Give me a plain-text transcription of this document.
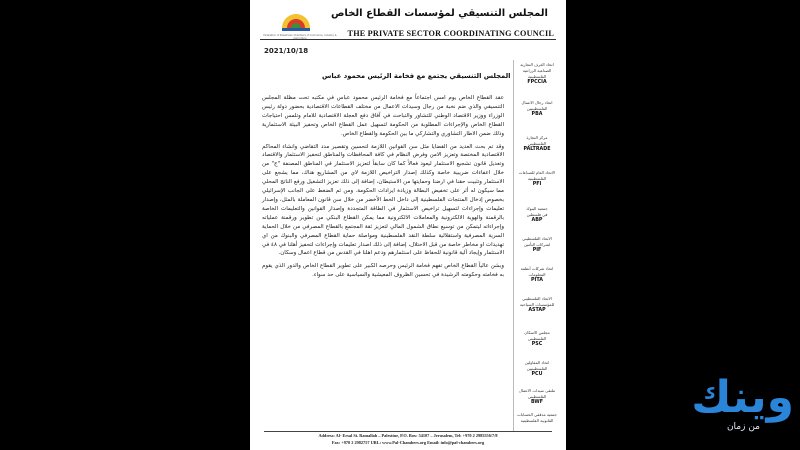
Federation of Palestinian Chambers of Commerce, Industry & Agriculture
المجلس التنسيقي لمؤسسات القطاع الخاص
THE PRIVATE SECTOR COORDINATING COUNCIL
2021/10/18
المجلس التنسيقي يجتمع مع فخامة الرئيس محمود عباس

عقد القطاع الخاص يوم امس اجتماعاً مع فخامة الرئيس محمود عباس في مكتبه تحت مظلة المجلس التنسيقي والذي ضم نخبة من رجال وسيدات الاعمال من مختلف القطاعات الاقتصادية بحضور دولة رئيس الوزراء ووزير الاقتصاد الوطني للتشاور والتباحث في آفاق دفع العجلة الاقتصادية للامام وتلمس احتياجات القطاع الخاص والإجراءات المطلوبة من الحكومة لتسهيل عمل القطاع الخاص وتحفيز البيئة الاستثمارية وذلك ضمن الاطار التشاوري والتشاركي ما بين الحكومة والقطاع الخاص.

وقد تم بحث العديد من القضايا مثل سن القوانين اللازمة لتحسين وتقصير مدد التقاضي وانشاء المحاكم الاقتصادية المختصة وتعزيز الامن وفرض النظام في كافة المحافظات والمناطق لتحفيز الاستثمار والاقتصاد وتعديل قانون تشجيع الاستثمار ليعود فعالاً كما كان سابقاً لتعزيز الاستثمار في المناطق المصنفة "ج" من خلال اعفاءات ضريبية خاصة وكذلك إصدار التراخيص اللازمة لاي من المشاريع هناك، مما يشجع على الاستثمار وتثبيت حقنا في ارضنا وحمايتها من الاستيطان، إضافة إلى ذلك تعزيز التشغيل ورفع الناتج المحلي مما سيكون له أثر على تخفيض البطالة وزيادة ايرادات الحكومة. ومن ثم الضغط على الجانب الإسرائيلي بخصوص إدخال المنتجات الفلسطينية إلى داخل الخط الأخضر من خلال سن قانون المعاملة بالمثل، وإصدار تعليمات وإجراءات لتسهيل تراخيص الاستثمار في الطاقة المتجددة وإصدار القوانين والتعليمات الخاصة بالرقمنة والهوية الالكترونية والمعاملات الالكترونية مما يمكن القطاع البنكي من تطوير ورقمنة عملياته وإجراءاته ليتمكن من توسيع نطاق الشمول المالي لتعزيز ثقة المجتمع بالقطاع المصرفي من خلال الحماية السرية المصرفية واستقلالية سلطة النقد الفلسطينية ومواصلة حماية القطاع المصرفي والبنوك من اي تهديدات او مخاطر خاصة من قبل الاحتلال، إضافة إلى ذلك اصدار تعليمات وإجراءات لتحفيز أهلنا في ٤٨ في الاستثمار وإيجاد آلية قانونية للحفاظ على استثمارهم ودعم اهلنا في القدس من قطاع اعمال وسكان.

وبشن عالياً القطاع الخاص تفهم فخامة الرئيس وحرصه الكبير على تطوير القطاع الخاص والدور الذي يقوم به فخامته وحكومته الرشيدة في تحسين الظروف المعيشية والسياسية على حد سواء.

اتحاد الغرف التجارية
الصناعية الزراعية
الفلسطينية
FPCCIA
اتحاد رجال الاعمال
الفلسطينيين
PBA
مركز التجارة
الفلسطيني
PALTRADE
الاتحاد العام للصناعات
الفلسطينية
PFI
جمعية البنوك
في فلسطين
ABP
الاتحاد الفلسطيني
لشركات التأمين
PIF
اتحاد شركات أنظمة
المعلومات
PITA
الاتحاد الفلسطيني
للمؤسسات السياحية
ASTAP
مجلس الاسكان
الفلسطيني
PSC
اتحاد المقاولين
الفلسطينيين
PCU
ملتقى سيدات الاعمال
الفلسطيني
BWF
جمعية مدققي الحسابات
القانونية الفلسطينية
Address: Al- Ersal St. Ramallah – Palestine, P.O. Box: 54107 – Jerusalem, Tel: +970 2 2985556/7/8
Fax: +970 2 2982757 URL: www.Pal-Chambers.org Email: info@pal-chambers.org
وينك
من زمان
